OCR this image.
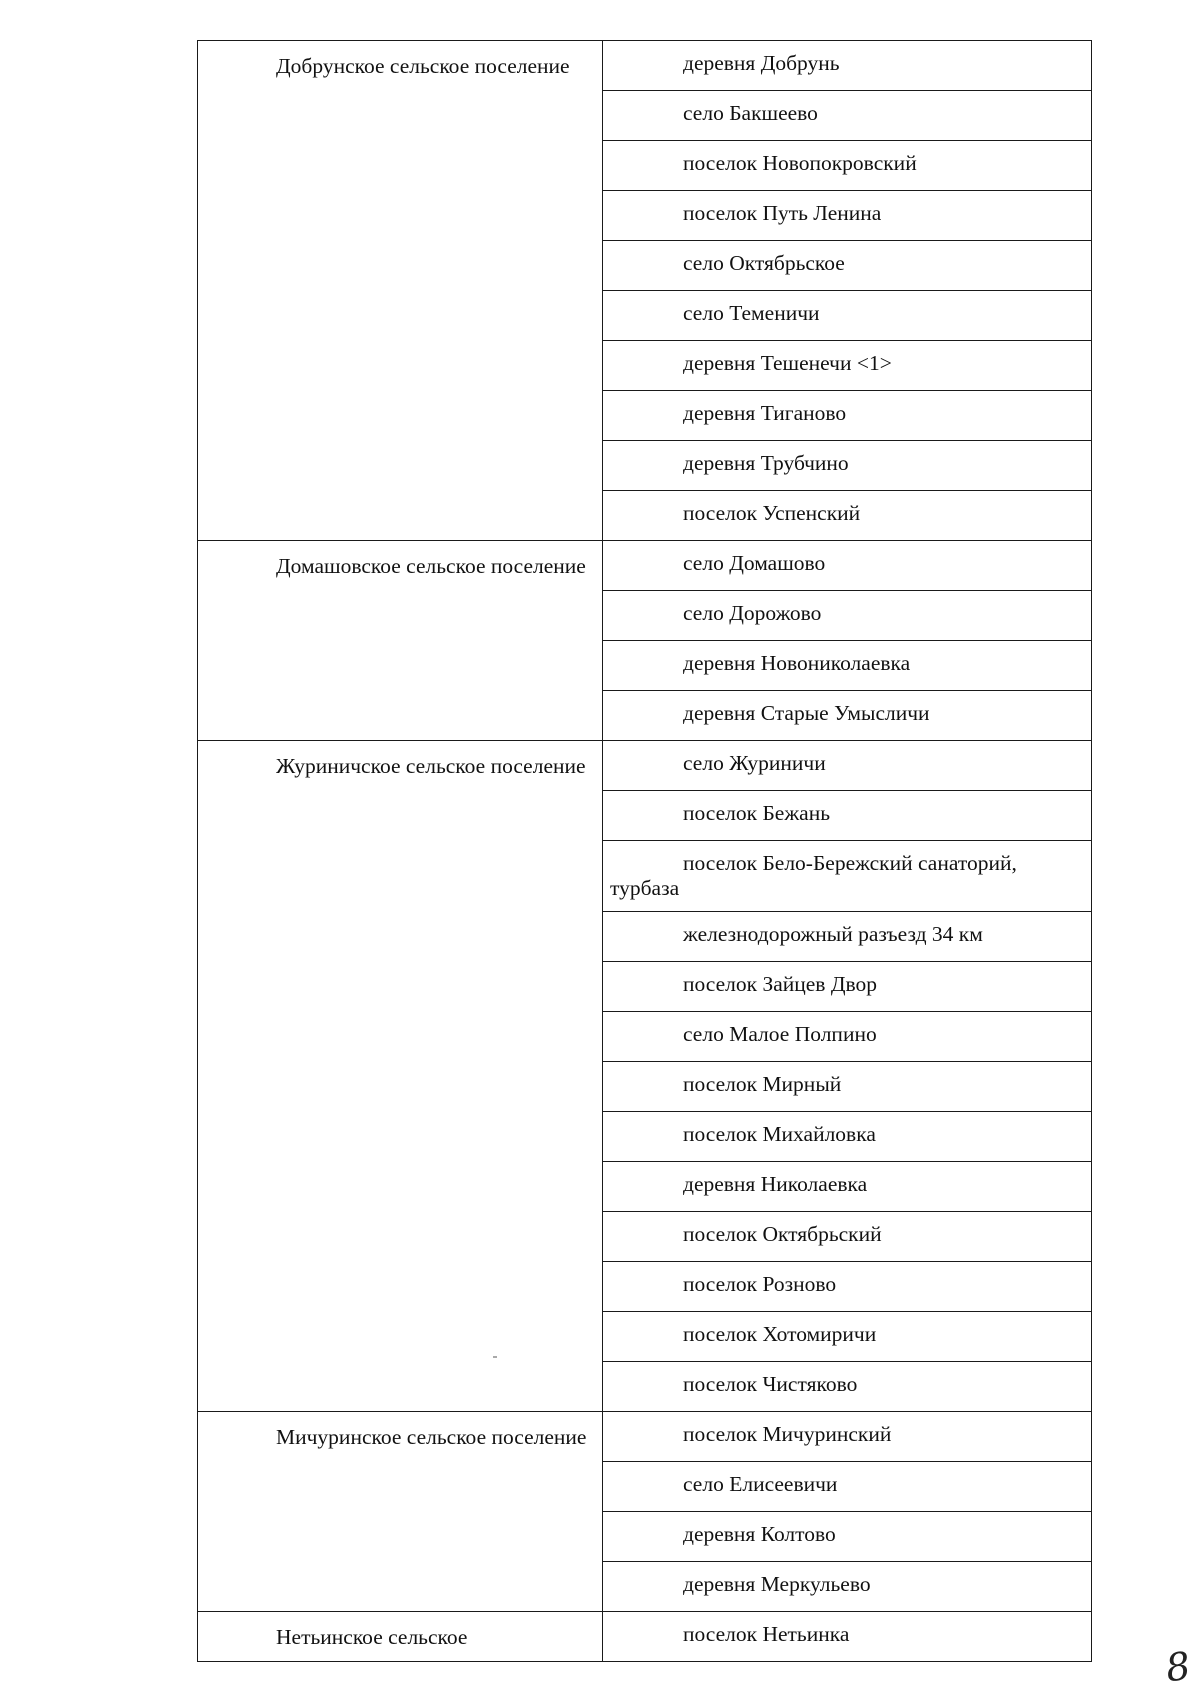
Добрунское сельское поселение	деревня Добрунь

	село Бакшеево

	поселок Новопокровский

	поселок Путь Ленина

	село Октябрьское

	село Теменичи

	деревня Тешенечи <1>

	деревня Тиганово

	деревня Трубчино

	поселок Успенский

Домашовское сельское поселение	село Домашово

	село Дорожово

	деревня Новониколаевка

	деревня Старые Умысличи

Журиничское сельское поселение	село Журиничи

	поселок Бежань

	поселок Бело-Бережский санаторий, турбаза

	железнодорожный разъезд 34 км

	поселок Зайцев Двор

	село Малое Полпино

	поселок Мирный

	поселок Михайловка

	деревня Николаевка

	поселок Октябрьский

	поселок Розново

	поселок Хотомиричи

	поселок Чистяково

Мичуринское сельское поселение	поселок Мичуринский

	село Елисеевичи

	деревня Колтово

	деревня Меркульево

Нетьинское сельское	поселок Нетьинка
8
